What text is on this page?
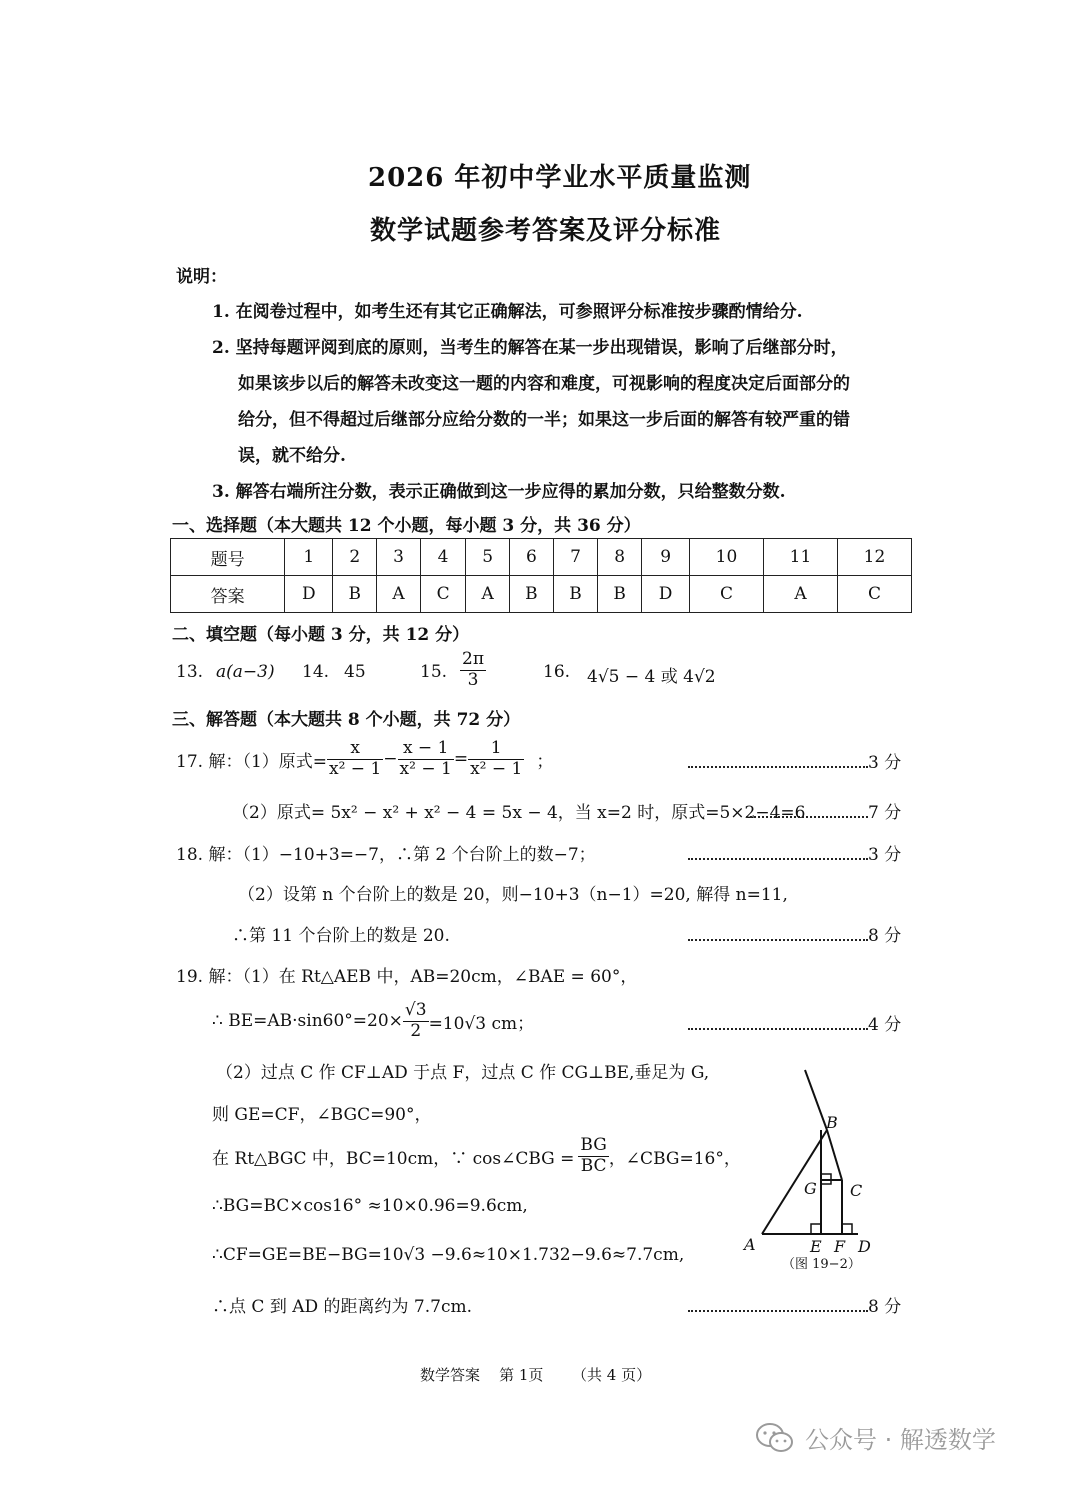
2026 年初中学业水平质量监测
数学试题参考答案及评分标准
说明：
1. 在阅卷过程中，如考生还有其它正确解法，可参照评分标准按步骤酌情给分.
2. 坚持每题评阅到底的原则，当考生的解答在某一步出现错误，影响了后继部分时，
如果该步以后的解答未改变这一题的内容和难度，可视影响的程度决定后面部分的
给分，但不得超过后继部分应给分数的一半；如果这一步后面的解答有较严重的错
误，就不给分.
3. 解答右端所注分数，表示正确做到这一步应得的累加分数，只给整数分数.
一、选择题（本大题共 12 个小题，每小题 3 分，共 36 分）
题号	1	2	3	4	5	6	7	8	9	10	11	12
答案	D	B	A	C	A	B	B	B	D	C	A	C
二、填空题（每小题 3 分，共 12 分）
13. a(a−3) 14. 45	15. $\frac{2\pi}{3}$	16. 4√5 − 4 或 4√2
三、解答题（本大题共 8 个小题，共 72 分）
17. 解：（1）原式= $\frac{x}{\text{x² − 1}} - \frac{x - 1}{\text{x² − 1}} = \frac{1}{\text{x² − 1}}$ ；	3 分
（2）原式= 5x² − x² + x² − 4 = 5x − 4，当 x=2 时，原式=5×2−4=6	7 分
18. 解：（1）−10+3=−7，∴第 2 个台阶上的数−7；	3 分
（2）设第 n 个台阶上的数是 20，则−10+3（n−1）=20, 解得 n=11,
∴第 11 个台阶上的数是 20.	8 分
19. 解：（1）在 Rt△AEB 中，AB=20cm，∠BAE = 60°，
∴ $BE=AB\cdot\sin 60^\circ=20\times \frac{√3}{2} =10√3$ cm；	4 分
（2）过点 C 作 CF⊥AD 于点 F，过点 C 作 CG⊥BE,垂足为 G,
则 GE=CF，∠BGC=90°，
在 Rt△BGC 中，BC=10cm，∵ cos∠CBG = $\frac{BG}{BC}$ ，∠CBG=16°，
∴BG=BC×cos16° ≈10×0.96=9.6cm,
∴CF=GE=BE−BG=10√3 −9.6≈10×1.732−9.6≈7.7cm,
∴点 C 到 AD 的距离约为 7.7cm.	8 分
A
B
C
D
E F
G
（图 19−2）
数学答案    第 1页      （共 4 页）
公众号 · 解透数学
